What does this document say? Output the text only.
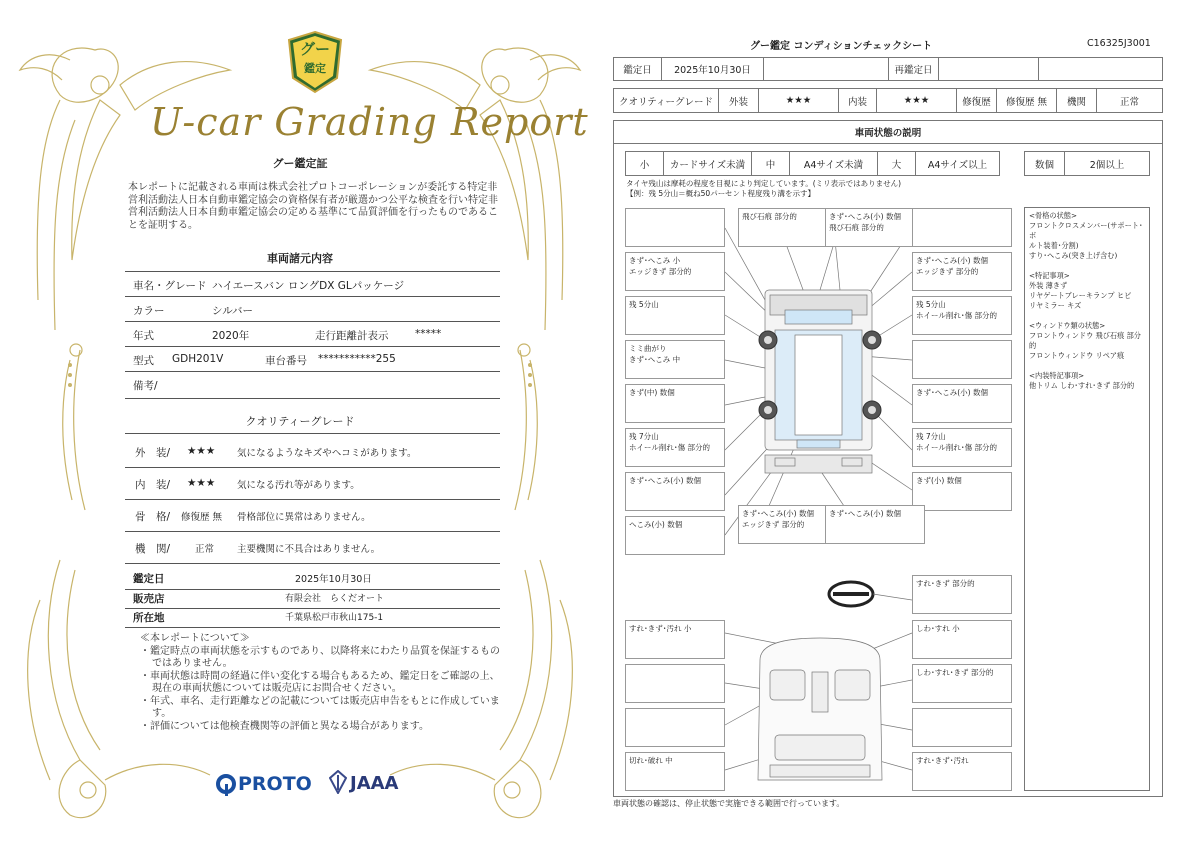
グー
鑑定
U-car Grading Report
グー鑑定証
本レポートに記載される車両は株式会社プロトコーポレーションが委託する特定非営利活動法人日本自動車鑑定協会の資格保有者が厳選かつ公平な検査を行い特定非営利活動法人日本自動車鑑定協会の定める基準にて品質評価を行ったものであることを証明する。
車両諸元内容
車名・グレード ハイエースバン ロングDX GLパッケージ
カラー	シルバー
年式	2020年	走行距離計表示	*****
型式 GDH201V	車台番号 ***********255
備考/
クオリティーグレード
外　装/ ★★★ 気になるようなキズやヘコミがあります。
内　装/ ★★★ 気になる汚れ等があります。
骨　格/ 修復歴 無 骨格部位に異常はありません。
機　関/	正常 主要機関に不具合はありません。
鑑定日	2025年10月30日
販売店	有限会社　らくだオート
所在地	千葉県松戸市秋山175-1
≪本レポートについて≫
・鑑定時点の車両状態を示すものであり、以降将来にわたり品質を保証するものではありません。
・車両状態は時間の経過に伴い変化する場合もあるため、鑑定日をご確認の上、現在の車両状態については販売店にお問合せください。
・年式、車名、走行距離などの記載については販売店申告をもとに作成しています。
・評価については他検査機関等の評価と異なる場合があります。
PROTO JAAA
グー鑑定 コンディションチェックシート	C16325J3001
鑑定日	2025年10月30日	再鑑定日
クオリティーグレード	外装	★★★	内装	★★★	修復歴	修復歴 無	機関	正常
車両状態の説明
小	カードサイズ未満	中	A4サイズ未満	大	A4サイズ以上	数個	2個以上
タイヤ残山は摩耗の程度を目視により判定しています。(ミリ表示ではありません)
【例：残 5分山＝概ね50パーセント程度残り溝を示す】
飛び石痕 部分的	きず･へこみ(小) 数個
飛び石痕 部分的
きず･へこみ 小
エッジきず 部分的
きず･へこみ(小) 数個
エッジきず 部分的
残 5分山	残 5分山
ホイール削れ･傷 部分的
ミミ曲がり
きず･へこみ 中
きず(中) 数個	きず･へこみ(小) 数個
残 7分山
ホイール削れ･傷 部分的
残 7分山
ホイール削れ･傷 部分的
きず･へこみ(小) 数個	きず(小) 数個
へこみ(小) 数個
きず･へこみ(小) 数個
エッジきず 部分的
きず･へこみ(小) 数個
すれ･きず 部分的
すれ･きず･汚れ 小	しわ･すれ 小
しわ･すれ･きず 部分的
切れ･破れ 中	すれ･きず･汚れ
<骨格の状態>
フロントクロスメンバー(サポート･ボ
ルト装着･分割)
すり･へこみ(突き上げ含む)
<特記事項>
外装 薄きず
リヤゲートブレーキランプ ヒビ
リヤミラー キズ
<ウィンドウ類の状態>
フロントウィンドウ 飛び石痕 部分的
フロントウィンドウ リペア痕
<内装特記事項>
他トリム しわ･すれ･きず 部分的
車両状態の確認は、停止状態で実施できる範囲で行っています。
